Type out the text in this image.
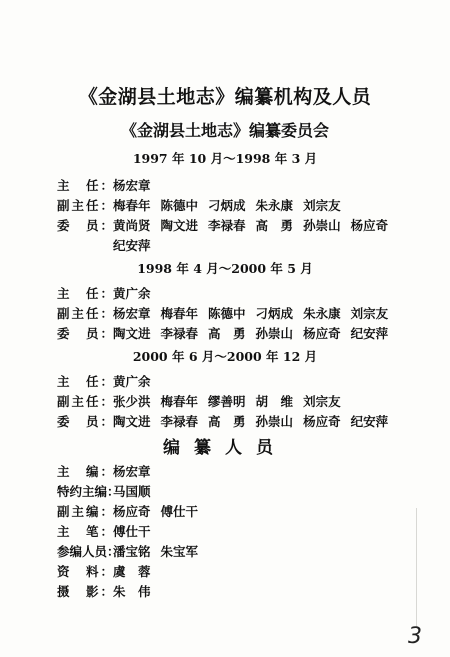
《金湖县土地志》编纂机构及人员
《金湖县土地志》编纂委员会
1997 年 10 月～1998 年 3 月
主　任：杨宏章
副主任：梅春年 陈德中 刁炳成 朱永康 刘宗友
委　员：黄尚贤 陶文进 李禄春 高　勇 孙崇山 杨应奇
纪安萍
1998 年 4 月～2000 年 5 月
主　任：黄广余
副主任：杨宏章 梅春年 陈德中 刁炳成 朱永康 刘宗友
委　员：陶文进 李禄春 高　勇 孙崇山 杨应奇 纪安萍
2000 年 6 月～2000 年 12 月
主　任：黄广余
副主任：张少洪 梅春年 缪善明 胡　维 刘宗友
委　员：陶文进 李禄春 高　勇 孙崇山 杨应奇 纪安萍
编纂人员
主　编：杨宏章
特约主编：马国顺
副主编：杨应奇 傅仕干
主　笔：傅仕干
参编人员：潘宝铭 朱宝军
资　料：虞　蓉
摄　影：朱　伟
3
